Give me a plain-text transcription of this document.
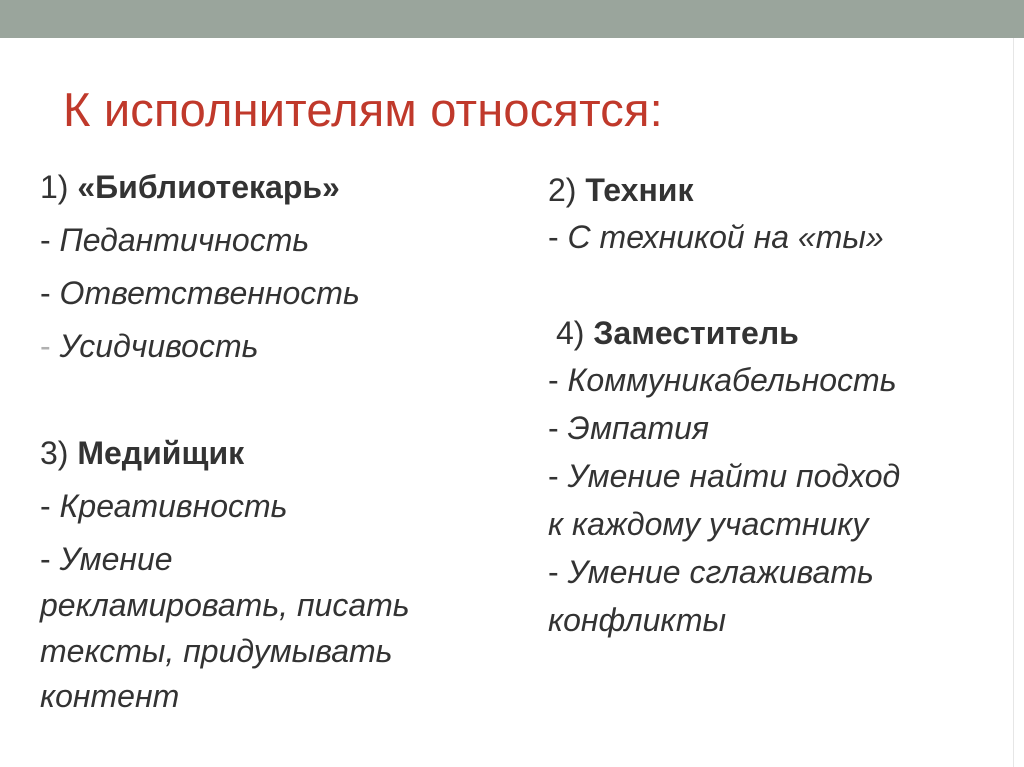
К исполнителям относятся:
1) «Библиотекарь»
- Педантичность
- Ответственность
- Усидчивость
3) Медийщик
- Креативность
- Умение
рекламировать, писать
тексты, придумывать
контент
2) Техник
- С техникой на «ты»
4) Заместитель
- Коммуникабельность
- Эмпатия
- Умение найти подход
к каждому участнику
- Умение сглаживать
конфликты
